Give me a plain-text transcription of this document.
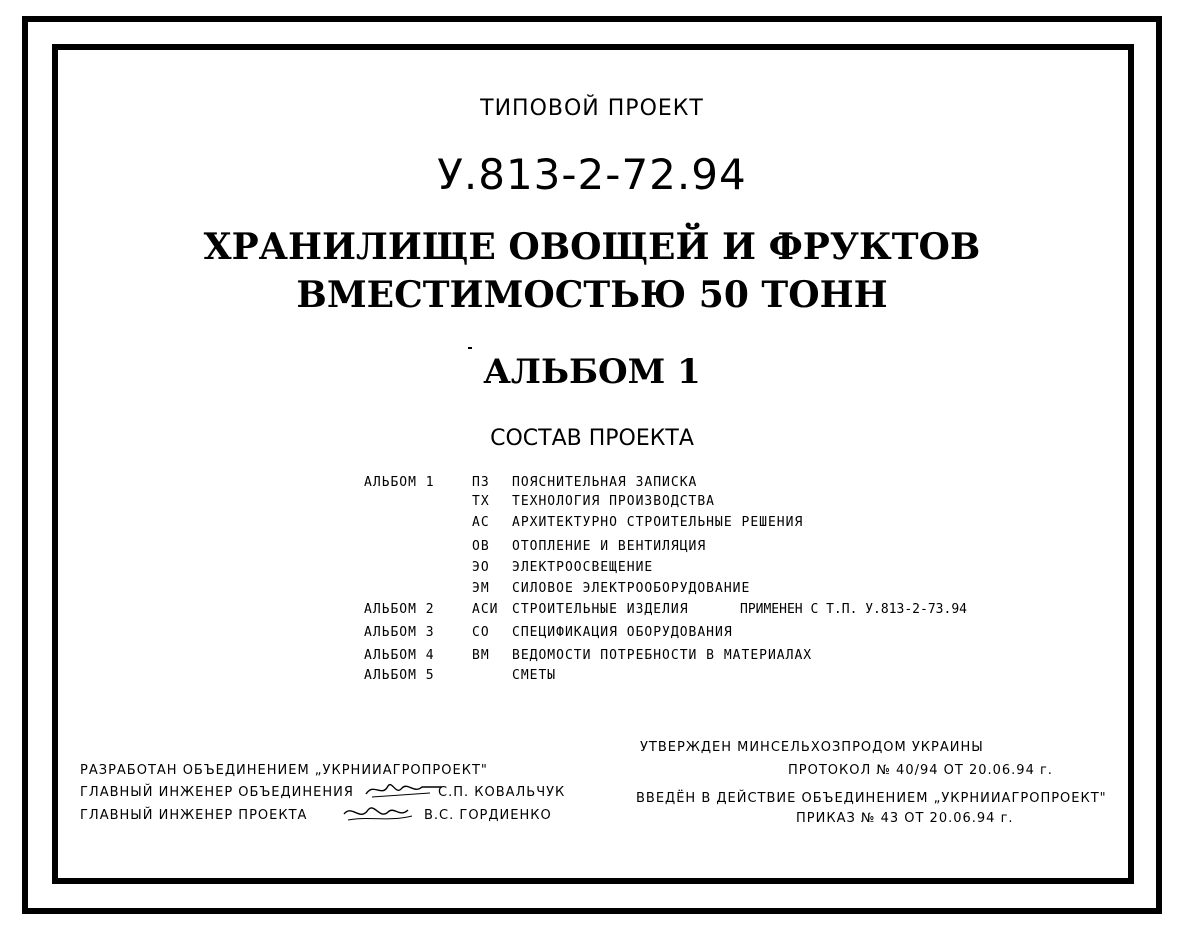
ТИПОВОЙ ПРОЕКТ
У.813-2-72.94
ХРАНИЛИЩЕ ОВОЩЕЙ И ФРУКТОВ
ВМЕСТИМОСТЬЮ 50 ТОНН
АЛЬБОМ 1
СОСТАВ ПРОЕКТА
АЛЬБОМ 1	ПЗ ПОЯСНИТЕЛЬНАЯ ЗАПИСКА
ТХ ТЕХНОЛОГИЯ ПРОИЗВОДСТВА
АС АРХИТЕКТУРНО СТРОИТЕЛЬНЫЕ РЕШЕНИЯ
ОВ ОТОПЛЕНИЕ И ВЕНТИЛЯЦИЯ
ЭО ЭЛЕКТРООСВЕЩЕНИЕ
ЭМ СИЛОВОЕ ЭЛЕКТРООБОРУДОВАНИЕ
АЛЬБОМ 2	АСИ СТРОИТЕЛЬНЫЕ ИЗДЕЛИЯ	ПРИМЕНЕН С Т.П. У.813-2-73.94
АЛЬБОМ 3	СО СПЕЦИФИКАЦИЯ ОБОРУДОВАНИЯ
АЛЬБОМ 4	ВМ ВЕДОМОСТИ ПОТРЕБНОСТИ В МАТЕРИАЛАХ
АЛЬБОМ 5	СМЕТЫ
РАЗРАБОТАН ОБЪЕДИНЕНИЕМ „УКРНИИАГРОПРОЕКТ"
ГЛАВНЫЙ ИНЖЕНЕР ОБЪЕДИНЕНИЯ	С.П. КОВАЛЬЧУК
ГЛАВНЫЙ ИНЖЕНЕР ПРОЕКТА	В.С. ГОРДИЕНКО
УТВЕРЖДЕН МИНСЕЛЬХОЗПРОДОМ УКРАИНЫ
ПРОТОКОЛ № 40/94 ОТ 20.06.94 г.
ВВЕДЁН В ДЕЙСТВИЕ ОБЪЕДИНЕНИЕМ „УКРНИИАГРОПРОЕКТ"
ПРИКАЗ № 43 ОТ 20.06.94 г.
